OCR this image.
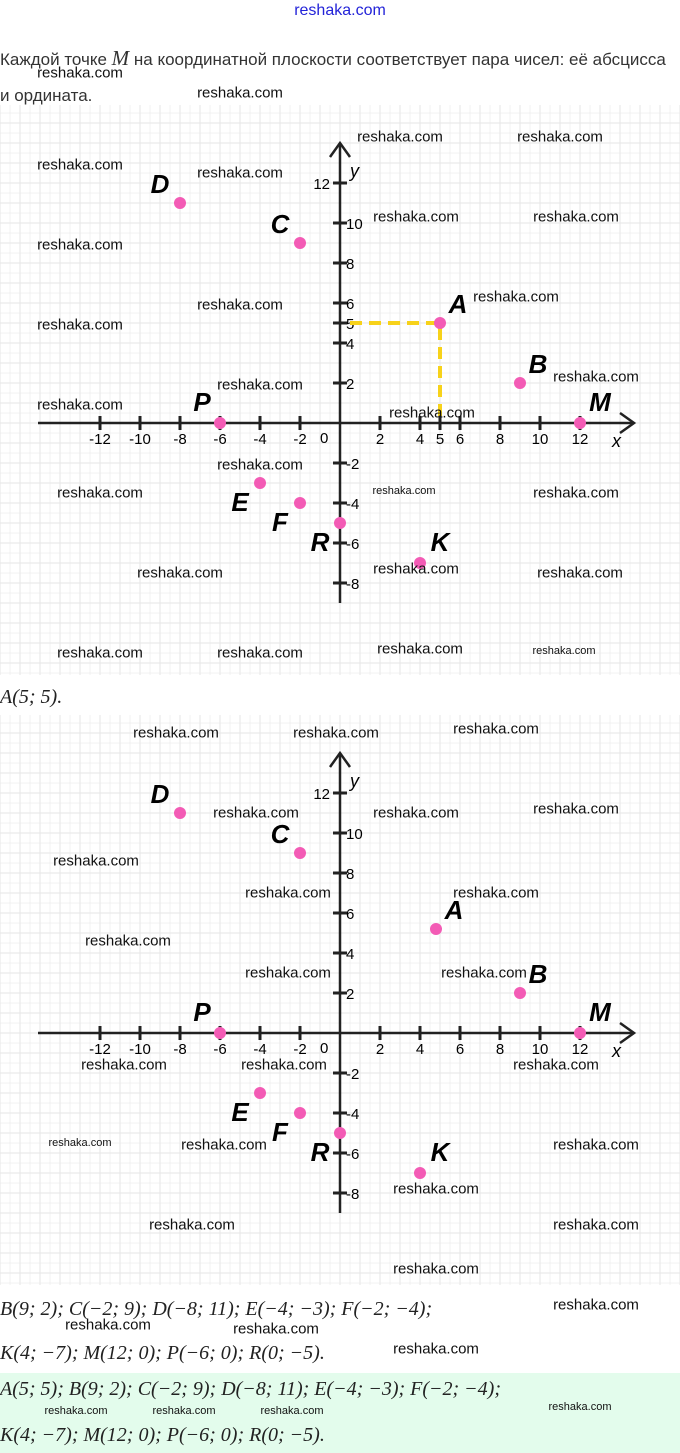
reshaka.com
Каждой точке M на координатной плоскости соответствует пара чисел: её абсцисса и ордината.
x
y
0
-12 -10 -8 -6 -4 -2	2 4 5 6 8 10 12
12
10
8
6
5
4
2
-2
-4
-6
-8
D
C
A
B
P	M
E
F
R	K
A(5; 5).
x
y
0
-12 -10 -8 -6 -4 -2	2 4 6 8 10 12
12
10
8
6
4
2
-2
-4
-6
-8
D
C
A
B
P	M
E
F
R	K
B(9; 2); C(−2; 9); D(−8; 11); E(−4; −3); F(−2; −4);
K(4; −7); M(12; 0); P(−6; 0); R(0; −5).
A(5; 5); B(9; 2); C(−2; 9); D(−8; 11); E(−4; −3); F(−2; −4);
K(4; −7); M(12; 0); P(−6; 0); R(0; −5).
reshaka.com
reshaka.com
reshaka.com	reshaka.com
reshaka.com	reshaka.com
reshaka.com
reshaka.com	reshaka.com
reshaka.com
reshaka.com
reshaka.com
reshaka.com
reshaka.com
reshaka.com	reshaka.com
reshaka.com
reshaka.com	reshaka.com	reshaka.com
reshaka.com	reshaka.com	reshaka.com
reshaka.com	reshaka.com	reshaka.com	reshaka.com
reshaka.com	reshaka.com	reshaka.com
reshaka.com	reshaka.com	reshaka.com
reshaka.com
reshaka.com	reshaka.com
reshaka.com
reshaka.com	reshaka.com
reshaka.com	reshaka.com	reshaka.com
reshaka.com	reshaka.com	reshaka.com
reshaka.com
reshaka.com	reshaka.com
reshaka.com
reshaka.com
reshaka.com	reshaka.com
reshaka.com
reshaka.com	reshaka.com	reshaka.com	reshaka.com
